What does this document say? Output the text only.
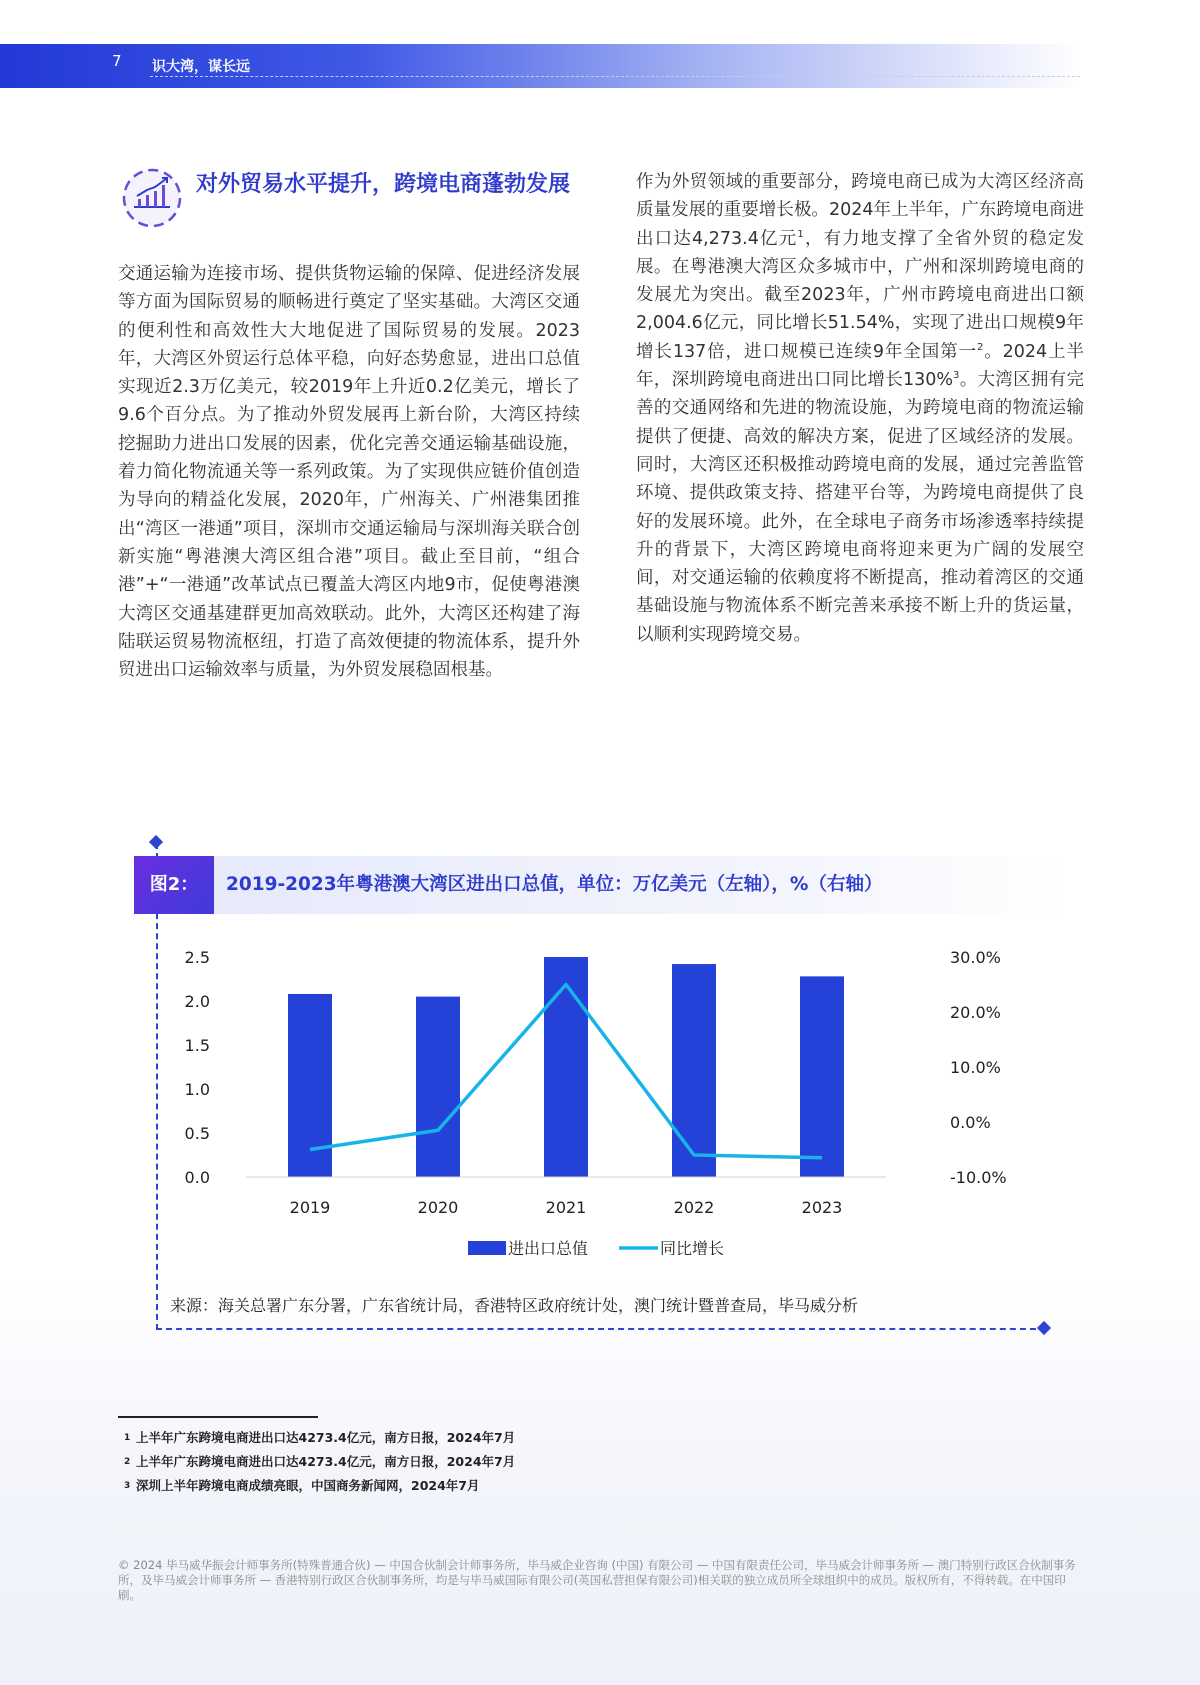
7 识大湾，谋长远
对外贸易水平提升，跨境电商蓬勃发展

交通运输为连接市场、提供货物运输的保障、促进经济发展等方面为国际贸易的顺畅进行奠定了坚实基础。大湾区交通的便利性和高效性大大地促进了国际贸易的发展。2023年，大湾区外贸运行总体平稳，向好态势愈显，进出口总值实现近2.3万亿美元，较2019年上升近0.2亿美元，增长了9.6个百分点。为了推动外贸发展再上新台阶，大湾区持续挖掘助力进出口发展的因素，优化完善交通运输基础设施，着力简化物流通关等一系列政策。为了实现供应链价值创造为导向的精益化发展，2020年，广州海关、广州港集团推出“湾区一港通”项目，深圳市交通运输局与深圳海关联合创新实施“粤港澳大湾区组合港”项目。截止至目前，“组合港”+“一港通”改革试点已覆盖大湾区内地9市，促使粤港澳大湾区交通基建群更加高效联动。此外，大湾区还构建了海陆联运贸易物流枢纽，打造了高效便捷的物流体系，提升外贸进出口运输效率与质量，为外贸发展稳固根基。

作为外贸领域的重要部分，跨境电商已成为大湾区经济高质量发展的重要增长极。2024年上半年，广东跨境电商进出口达4,273.4亿元$^1$，有力地支撑了全省外贸的稳定发展。在粤港澳大湾区众多城市中，广州和深圳跨境电商的发展尤为突出。截至2023年，广州市跨境电商进出口额2,004.6亿元，同比增长51.54%，实现了进出口规模9年增长137倍，进口规模已连续9年全国第一$^2$。2024上半年，深圳跨境电商进出口同比增长130%$^3$。大湾区拥有完善的交通网络和先进的物流设施，为跨境电商的物流运输提供了便捷、高效的解决方案，促进了区域经济的发展。同时，大湾区还积极推动跨境电商的发展，通过完善监管环境、提供政策支持、搭建平台等，为跨境电商提供了良好的发展环境。此外，在全球电子商务市场渗透率持续提升的背景下，大湾区跨境电商将迎来更为广阔的发展空间，对交通运输的依赖度将不断提高，推动着湾区的交通基础设施与物流体系不断完善来承接不断上升的货运量，以顺利实现跨境交易。

图2：	2019-2023年粤港澳大湾区进出口总值，单位：万亿美元（左轴），%（右轴）
0.0
0.5
1.0
1.5
2.0
2.5
-10.0%
0.0%
10.0%
20.0%
30.0%
2019	2020	2021	2022	2023
进出口总值	同比增长
来源：海关总署广东分署，广东省统计局，香港特区政府统计处，澳门统计暨普查局，毕马威分析
1 上半年广东跨境电商进出口达4273.4亿元，南方日报，2024年7月
2 上半年广东跨境电商进出口达4273.4亿元，南方日报，2024年7月
3 深圳上半年跨境电商成绩亮眼，中国商务新闻网，2024年7月
© 2024 毕马威华振会计师事务所(特殊普通合伙) — 中国合伙制会计师事务所，毕马威企业咨询 (中国) 有限公司 — 中国有限责任公司，毕马威会计师事务所 — 澳门特别行政区合伙制事务所，及毕马威会计师事务所 — 香港特别行政区合伙制事务所，均是与毕马威国际有限公司(英国私营担保有限公司)相关联的独立成员所全球组织中的成员。版权所有，不得转载。在中国印刷。
